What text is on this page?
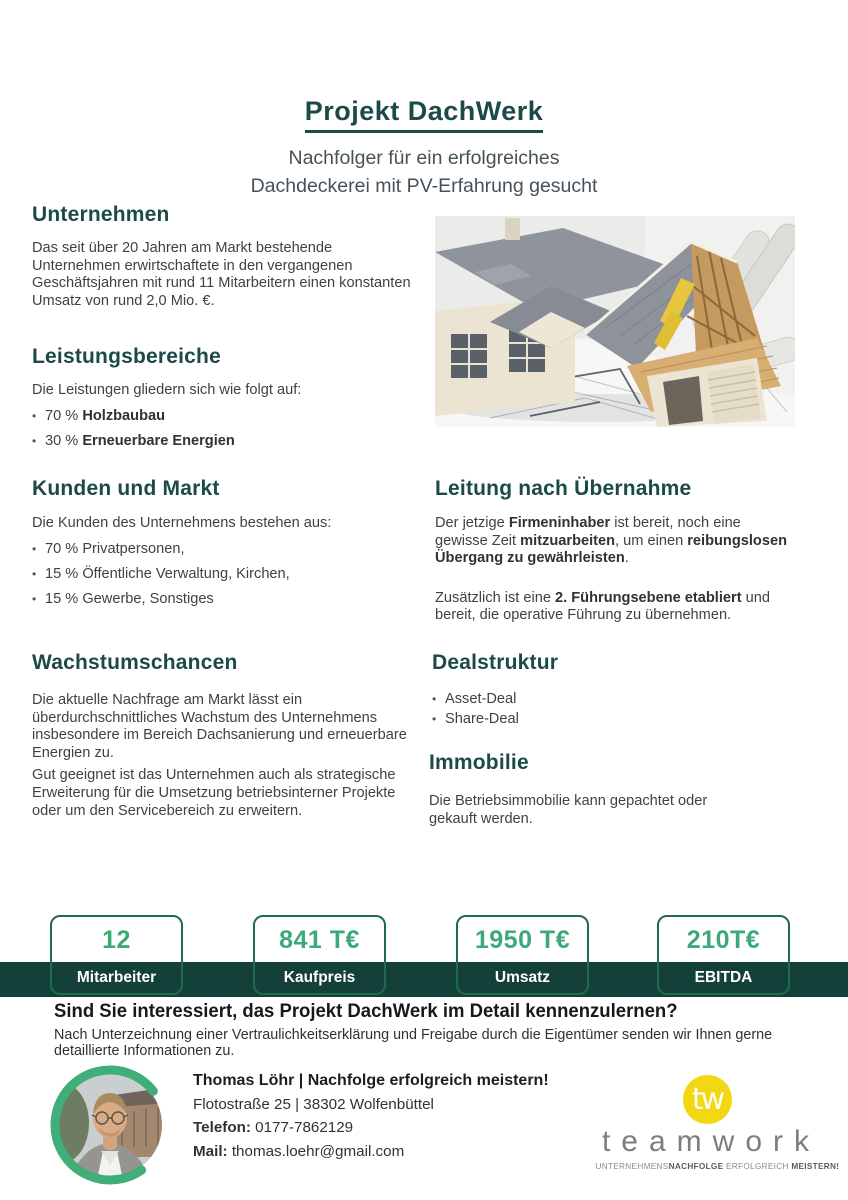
Projekt DachWerk
Nachfolger für ein erfolgreiches
Dachdeckerei mit PV-Erfahrung gesucht
Unternehmen
Das seit über 20 Jahren am Markt bestehende Unternehmen erwirtschaftete in den vergangenen Geschäftsjahren mit rund 11 Mitarbeitern einen konstanten Umsatz von rund 2,0 Mio. €.
Leistungsbereiche
Die Leistungen gliedern sich wie folgt auf:
• 70 % Holzbaubau
• 30 % Erneuerbare Energien
Kunden und Markt
Die Kunden des Unternehmens bestehen aus:
• 70 % Privatpersonen,
• 15 % Öffentliche Verwaltung, Kirchen,
• 15 % Gewerbe, Sonstiges
Wachstumschancen
Die aktuelle Nachfrage am Markt lässt ein überdurchschnittliches Wachstum des Unternehmens insbesondere im Bereich Dachsanierung und erneuerbare Energien zu.
Gut geeignet ist das Unternehmen auch als strategische Erweiterung für die Umsetzung betriebsinterner Projekte oder um den Servicebereich zu erweitern.
Leitung nach Übernahme
Der jetzige Firmeninhaber ist bereit, noch eine gewisse Zeit mitzuarbeiten, um einen reibungslosen Übergang zu gewährleisten.
Zusätzlich ist eine 2. Führungsebene etabliert und bereit, die operative Führung zu übernehmen.
Dealstruktur
• Asset-Deal
• Share-Deal
Immobilie
Die Betriebsimmobilie kann gepachtet oder gekauft werden.
12
Mitarbeiter
841 T€
Kaufpreis
1950 T€
Umsatz
210T€
EBITDA
Sind Sie interessiert, das Projekt DachWerk im Detail kennenzulernen?
Nach Unterzeichnung einer Vertraulichkeitserklärung und Freigabe durch die Eigentümer senden wir Ihnen gerne detaillierte Informationen zu.
Thomas Löhr | Nachfolge erfolgreich meistern!
Flotostraße 25 | 38302 Wolfenbüttel
Telefon: 0177-7862129
Mail: thomas.loehr@gmail.com
tw
teamwork
UNTERNEHMENSNACHFOLGE ERFOLGREICH MEISTERN!
